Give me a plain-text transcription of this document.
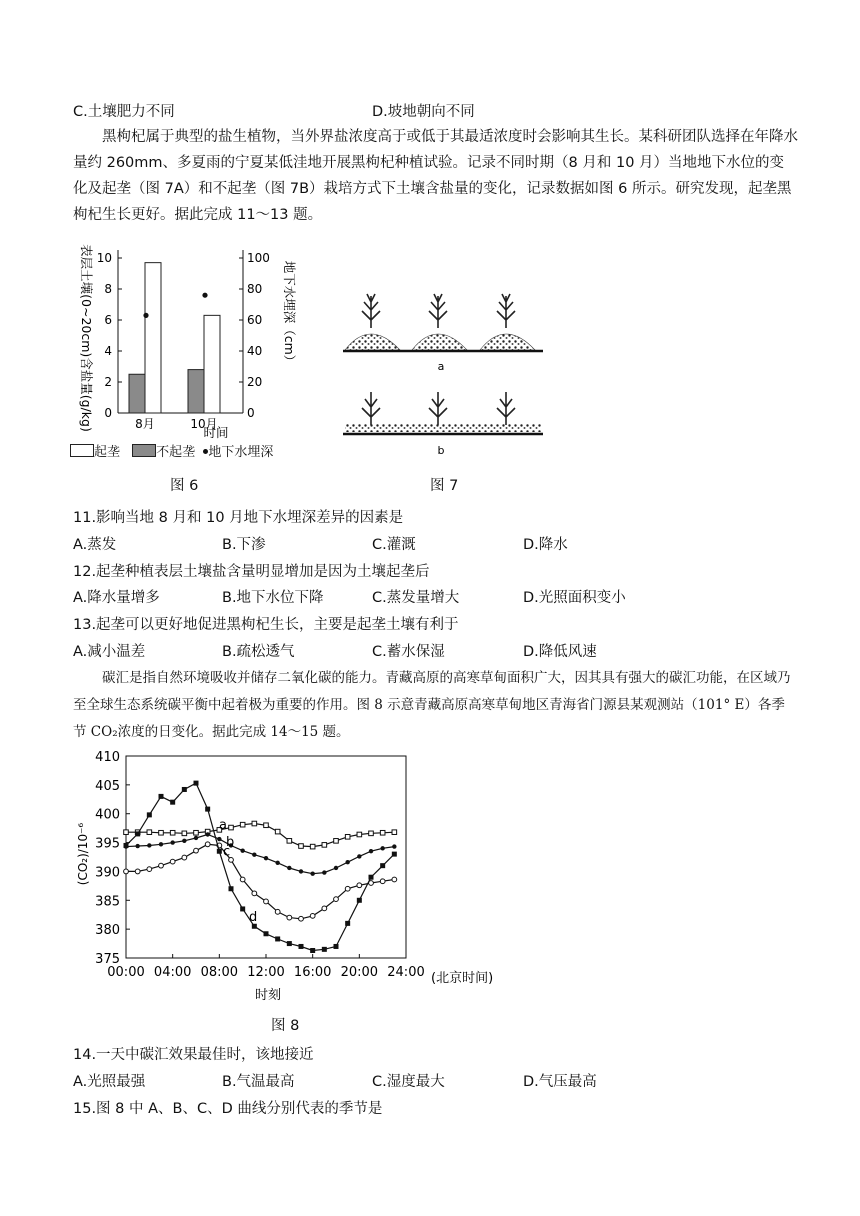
C.土壤肥力不同	D.坡地朝向不同

黑枸杞属于典型的盐生植物，当外界盐浓度高于或低于其最适浓度时会影响其生长。某科研团队选择在年降水量约 260mm、多夏雨的宁夏某低洼地开展黑枸杞种植试验。记录不同时期（8 月和 10 月）当地地下水位的变化及起垄（图 7A）和不起垄（图 7B）栽培方式下土壤含盐量的变化，记录数据如图 6 所示。研究发现，起垄黑枸杞生长更好。据此完成 11～13 题。

表层土壤(0~20cm)含盐量(g/kg)	地下水埋深（cm）
0
2
4
6
8
10
0
20
40
60
80
100
8月	10月
时间
起垄	不起垄 地下水埋深
图 6
a
b
图 7
11.影响当地 8 月和 10 月地下水埋深差异的因素是
A.蒸发	B.下渗	C.灌溉	D.降水
12.起垄种植表层土壤盐含量明显增加是因为土壤起垄后
A.降水量增多	B.地下水位下降	C.蒸发量增大	D.光照面积变小
13.起垄可以更好地促进黑枸杞生长，主要是起垄土壤有利于
A.减小温差	B.疏松透气	C.蓄水保湿	D.降低风速

碳汇是指自然环境吸收并储存二氧化碳的能力。青藏高原的高寒草甸面积广大，因其具有强大的碳汇功能，在区域乃至全球生态系统碳平衡中起着极为重要的作用。图 8 示意青藏高原高寒草甸地区青海省门源县某观测站（101° E）各季节 CO₂浓度的日变化。据此完成 14～15 题。

(CO₂)/10⁻⁶
375
380
385
390
395
400
405
410
00:00 04:00 08:00 12:00 16:00 20:00 24:00
a
b
c
d
(北京时间)
时刻
图 8
14.一天中碳汇效果最佳时，该地接近
A.光照最强	B.气温最高	C.湿度最大	D.气压最高
15.图 8 中 A、B、C、D 曲线分别代表的季节是
